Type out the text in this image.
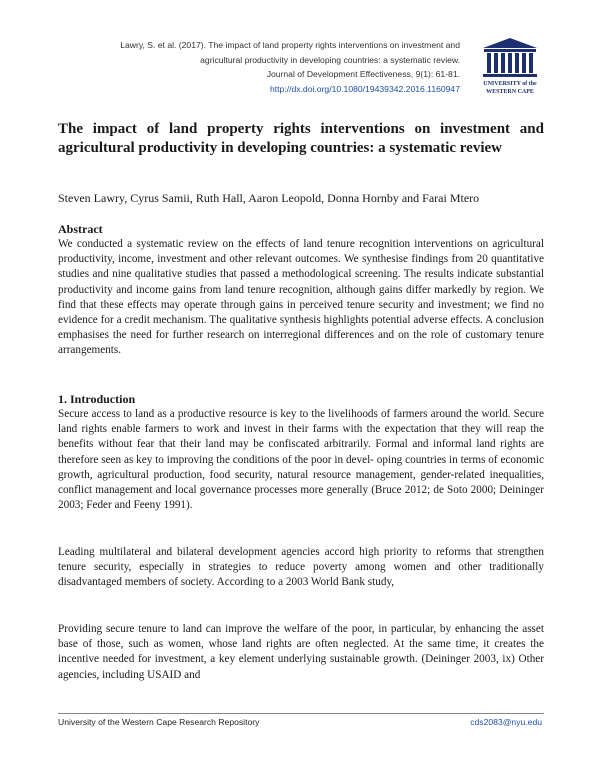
Lawry, S. et al. (2017). The impact of land property rights interventions on investment and
agricultural productivity in developing countries: a systematic review.
Journal of Development Effectiveness, 9(1): 61-81.
http://dx.doi.org/10.1080/19439342.2016.1160947	UNIVERSITY of the
WESTERN CAPE
The impact of land property rights interventions on investment and agricultural productivity in developing countries: a systematic review

Steven Lawry, Cyrus Samii, Ruth Hall, Aaron Leopold, Donna Hornby and Farai Mtero

Abstract

We conducted a systematic review on the effects of land tenure recognition interventions on agricultural productivity, income, investment and other relevant outcomes. We synthesise findings from 20 quantitative studies and nine qualitative studies that passed a methodological screening. The results indicate substantial productivity and income gains from land tenure recognition, although gains differ markedly by region. We find that these effects may operate through gains in perceived tenure security and investment; we find no evidence for a credit mechanism. The qualitative synthesis highlights potential adverse effects. A conclusion emphasises the need for further research on interregional differences and on the role of customary tenure arrangements.

1. Introduction

Secure access to land as a productive resource is key to the livelihoods of farmers around the world. Secure land rights enable farmers to work and invest in their farms with the expectation that they will reap the benefits without fear that their land may be confiscated arbitrarily. Formal and informal land rights are therefore seen as key to improving the conditions of the poor in devel- oping countries in terms of economic growth, agricultural production, food security, natural resource management, gender-related inequalities, conflict management and local governance processes more generally (Bruce 2012; de Soto 2000; Deininger 2003; Feder and Feeny 1991).

Leading multilateral and bilateral development agencies accord high priority to reforms that strengthen tenure security, especially in strategies to reduce poverty among women and other traditionally disadvantaged members of society. According to a 2003 World Bank study,

Providing secure tenure to land can improve the welfare of the poor, in particular, by enhancing the asset base of those, such as women, whose land rights are often neglected. At the same time, it creates the incentive needed for investment, a key element underlying sustainable growth. (Deininger 2003, ix) Other agencies, including USAID and

University of the Western Cape Research Repository	cds2083@nyu.edu
